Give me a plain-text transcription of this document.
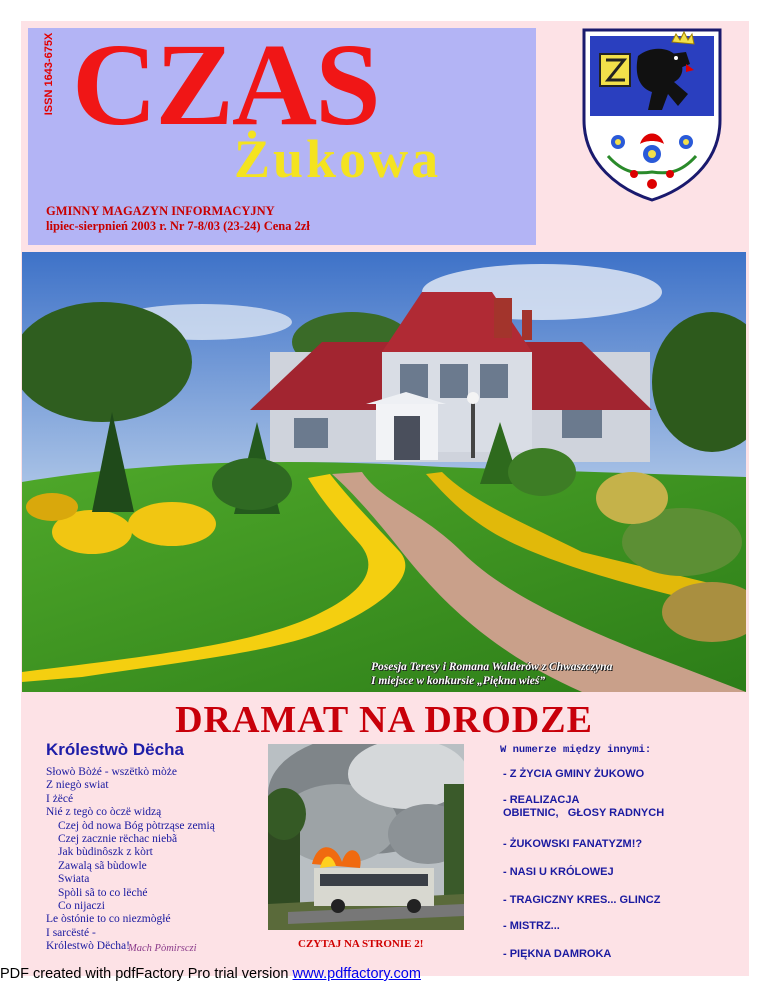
ISSN 1643-675X CZAS
Żukowa
GMINNY MAGAZYN INFORMACYJNY
lipiec-sierpnień 2003 r. Nr 7-8/03 (23-24) Cena 2zł
Posesja Teresy i Romana Walderów z Chwaszczyna
I miejsce w konkursie „Piękna wieś”
DRAMAT NA DRODZE
Królestwò Dëcha
Słowò Bòżé - wszëtkò mòże
Z niegò swiat
I żëcé
Nié z tegò co òczë widzą
Czej òd nowa Bóg pòtrząse zemią
Czej zacznie rëchac niebã
Jak bùdinôszk z kòrt
Zawalą sã bùdowle
Swiata
Spòli sã to co lëché
Co nijaczi
Le òstónie to co niezmògłé
I sarcësté -
Królestwò Dëcha!
Mach Pòmirsczi	CZYTAJ NA STRONIE 2!
W numerze między innymi:
- Z ŻYCIA GMINY ŻUKOWO
- REALIZACJA OBIETNIC,   GŁOSY RADNYCH
- ŻUKOWSKI FANATYZM!?
- NASI U KRÓLOWEJ
- TRAGICZNY KRES... GLINCZ
- MISTRZ...
- PIĘKNA DAMROKA
PDF created with pdfFactory Pro trial version www.pdffactory.com
